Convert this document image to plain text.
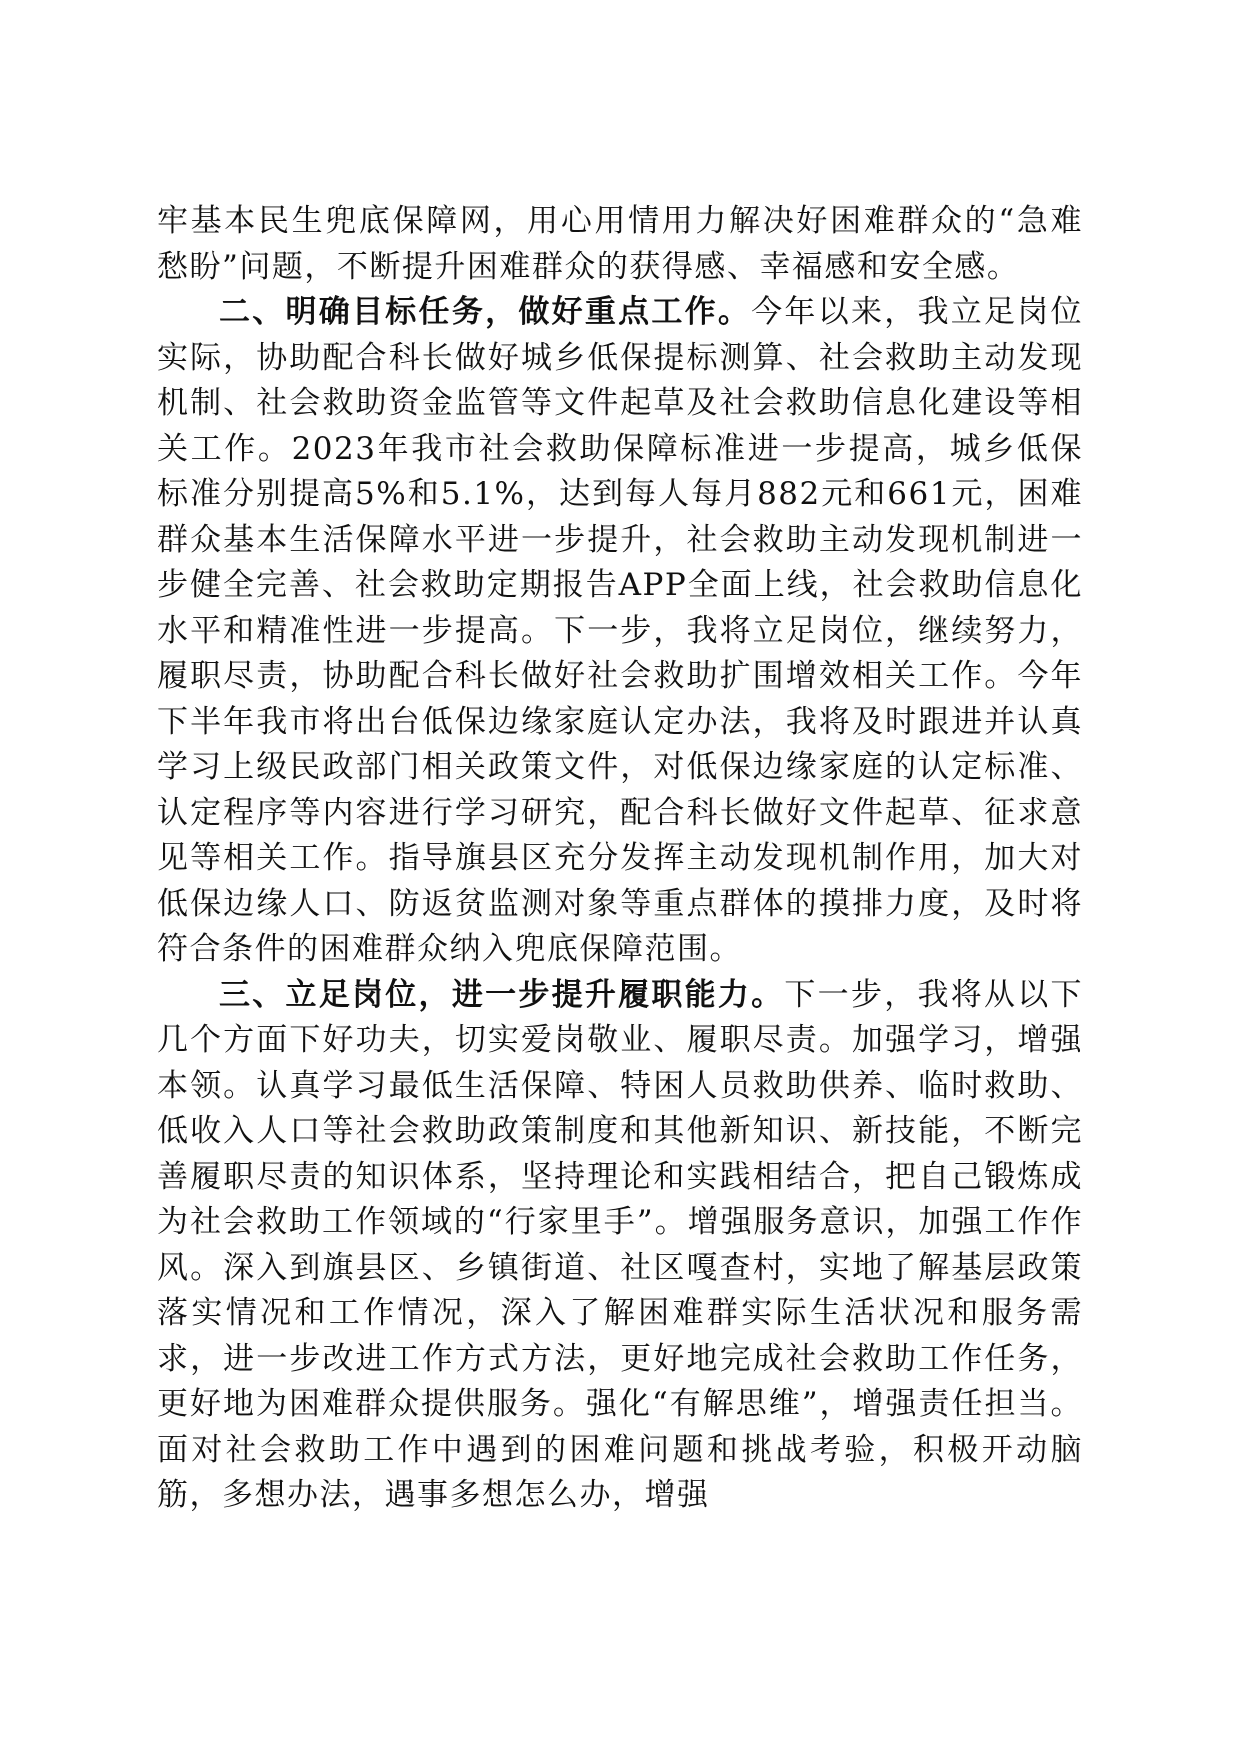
牢基本民生兜底保障网，用心用情用力解决好困难群众的“急难愁盼”问题，不断提升困难群众的获得感、幸福感和安全感。

二、明确目标任务，做好重点工作。今年以来，我立足岗位实际，协助配合科长做好城乡低保提标测算、社会救助主动发现机制、社会救助资金监管等文件起草及社会救助信息化建设等相关工作。2023年我市社会救助保障标准进一步提高，城乡低保标准分别提高5%和5.1%，达到每人每月882元和661元，困难群众基本生活保障水平进一步提升，社会救助主动发现机制进一步健全完善、社会救助定期报告APP全面上线，社会救助信息化水平和精准性进一步提高。下一步，我将立足岗位，继续努力，履职尽责，协助配合科长做好社会救助扩围增效相关工作。今年下半年我市将出台低保边缘家庭认定办法，我将及时跟进并认真学习上级民政部门相关政策文件，对低保边缘家庭的认定标准、认定程序等内容进行学习研究，配合科长做好文件起草、征求意见等相关工作。指导旗县区充分发挥主动发现机制作用，加大对低保边缘人口、防返贫监测对象等重点群体的摸排力度，及时将符合条件的困难群众纳入兜底保障范围。

三、立足岗位，进一步提升履职能力。下一步，我将从以下几个方面下好功夫，切实爱岗敬业、履职尽责。加强学习，增强本领。认真学习最低生活保障、特困人员救助供养、临时救助、低收入人口等社会救助政策制度和其他新知识、新技能，不断完善履职尽责的知识体系，坚持理论和实践相结合，把自己锻炼成为社会救助工作领域的“行家里手”。增强服务意识，加强工作作风。深入到旗县区、乡镇街道、社区嘎查村，实地了解基层政策落实情况和工作情况，深入了解困难群实际生活状况和服务需求，进一步改进工作方式方法，更好地完成社会救助工作任务，更好地为困难群众提供服务。强化“有解思维”，增强责任担当。面对社会救助工作中遇到的困难问题和挑战考验，积极开动脑筋，多想办法，遇事多想怎么办，增强
